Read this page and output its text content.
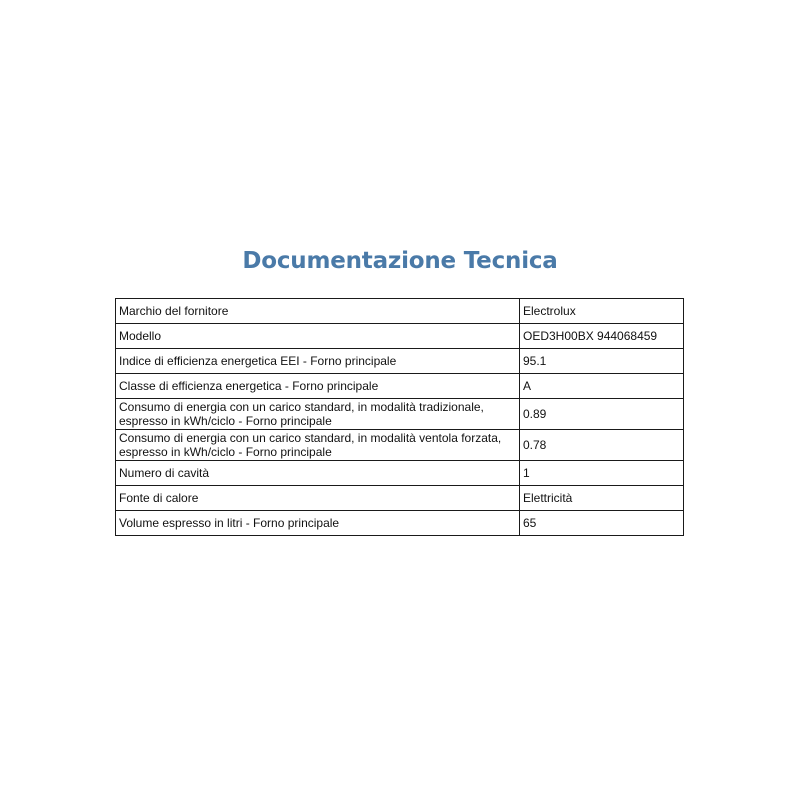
Documentazione Tecnica
Marchio del fornitore	Electrolux
Modello	OED3H00BX 944068459
Indice di efficienza energetica EEI - Forno principale	95.1
Classe di efficienza energetica - Forno principale	A
Consumo di energia con un carico standard, in modalità tradizionale,
espresso in kWh/ciclo - Forno principale	0.89
Consumo di energia con un carico standard, in modalità ventola forzata,
espresso in kWh/ciclo - Forno principale	0.78
Numero di cavità	1
Fonte di calore	Elettricità
Volume espresso in litri - Forno principale	65
